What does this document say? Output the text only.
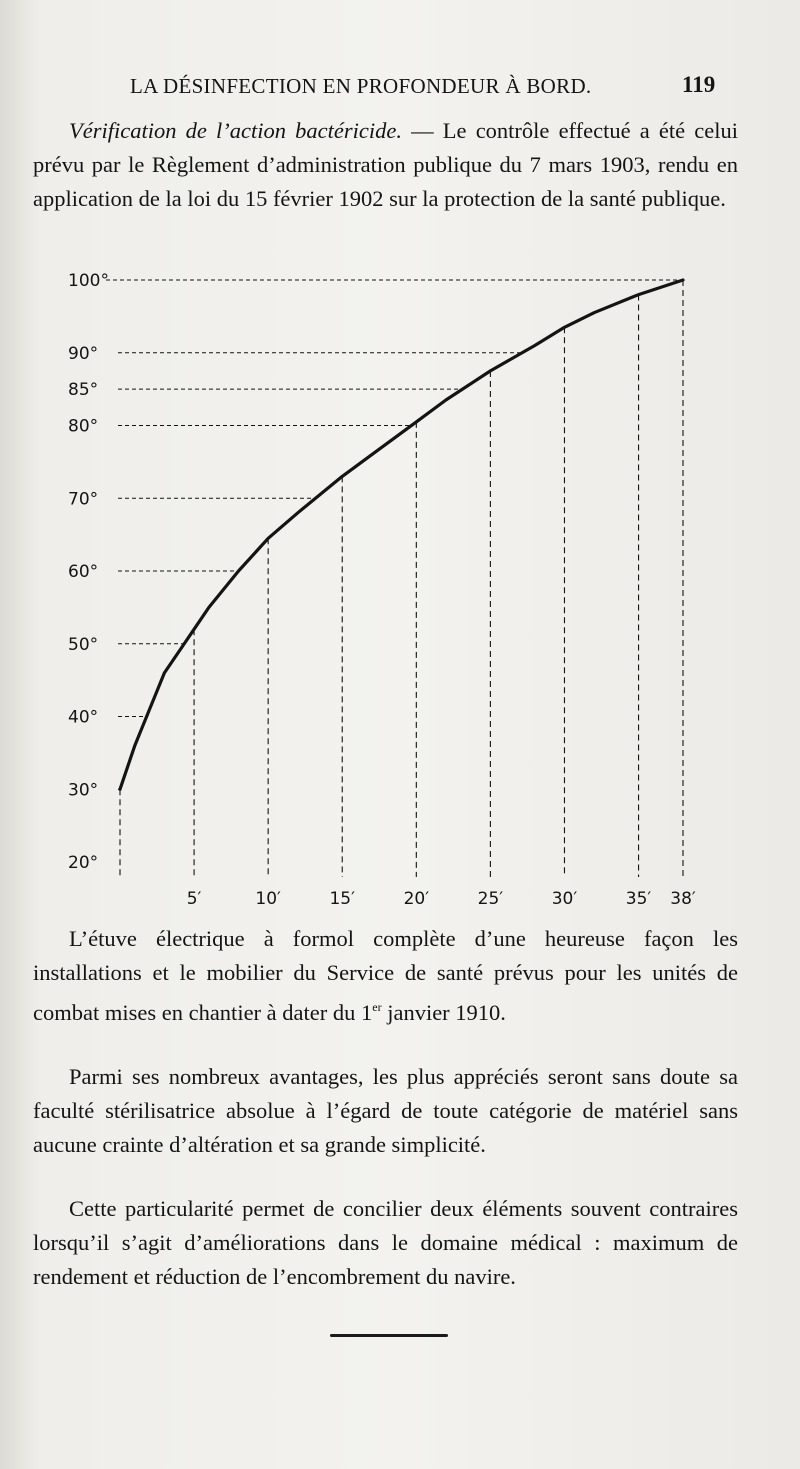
LA DÉSINFECTION EN PROFONDEUR À BORD.	119

Vérification de l’action bactéricide. — Le contrôle effectué a été celui prévu par le Règlement d’administration publique du 7 mars 1903, rendu en application de la loi du 15 février 1902 sur la protection de la santé publique.

20°
30°
40°
50°
60°
70°
80°
85°
90°
100°
5′	10′	15′	20′	25′	30′	35′ 38′

L’étuve électrique à formol complète d’une heureuse façon les installations et le mobilier du Service de santé prévus pour les unités de combat mises en chantier à dater du 1er janvier 1910.

Parmi ses nombreux avantages, les plus appréciés seront sans doute sa faculté stérilisatrice absolue à l’égard de toute catégorie de matériel sans aucune crainte d’altération et sa grande simplicité.

Cette particularité permet de concilier deux éléments souvent contraires lorsqu’il s’agit d’améliorations dans le domaine médical : maximum de rendement et réduction de l’encombrement du navire.
